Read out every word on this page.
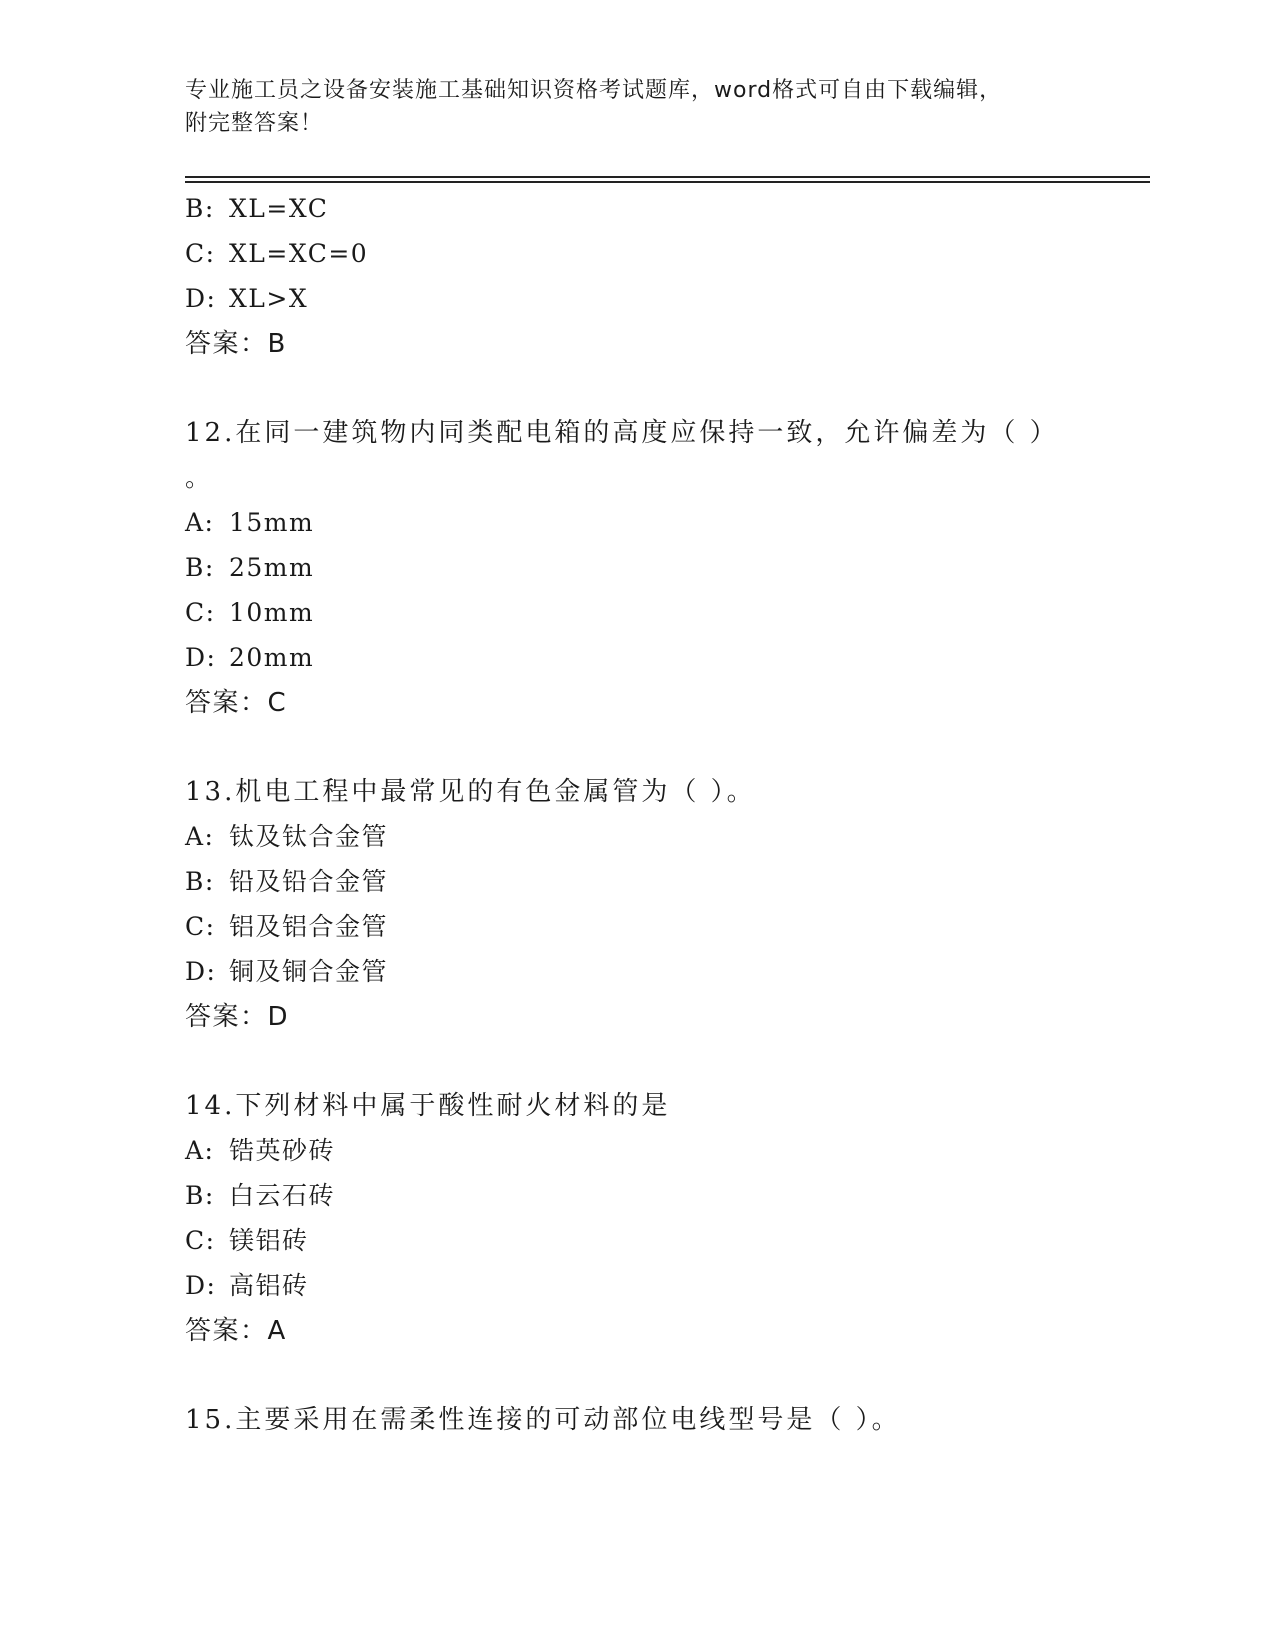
专业施工员之设备安装施工基础知识资格考试题库，word格式可自由下载编辑，
附完整答案！
B: XL=XC
C: XL=XC=0
D: XL>X
答案：B
12.在同一建筑物内同类配电箱的高度应保持一致，允许偏差为（ ）
。
A: 15mm
B: 25mm
C: 10mm
D: 20mm
答案：C
13.机电工程中最常见的有色金属管为（ ）。
A: 钛及钛合金管
B: 铅及铅合金管
C: 铝及铝合金管
D: 铜及铜合金管
答案：D
14.下列材料中属于酸性耐火材料的是
A: 锆英砂砖
B: 白云石砖
C: 镁铝砖
D: 高铝砖
答案：A
15.主要采用在需柔性连接的可动部位电线型号是（ ）。
